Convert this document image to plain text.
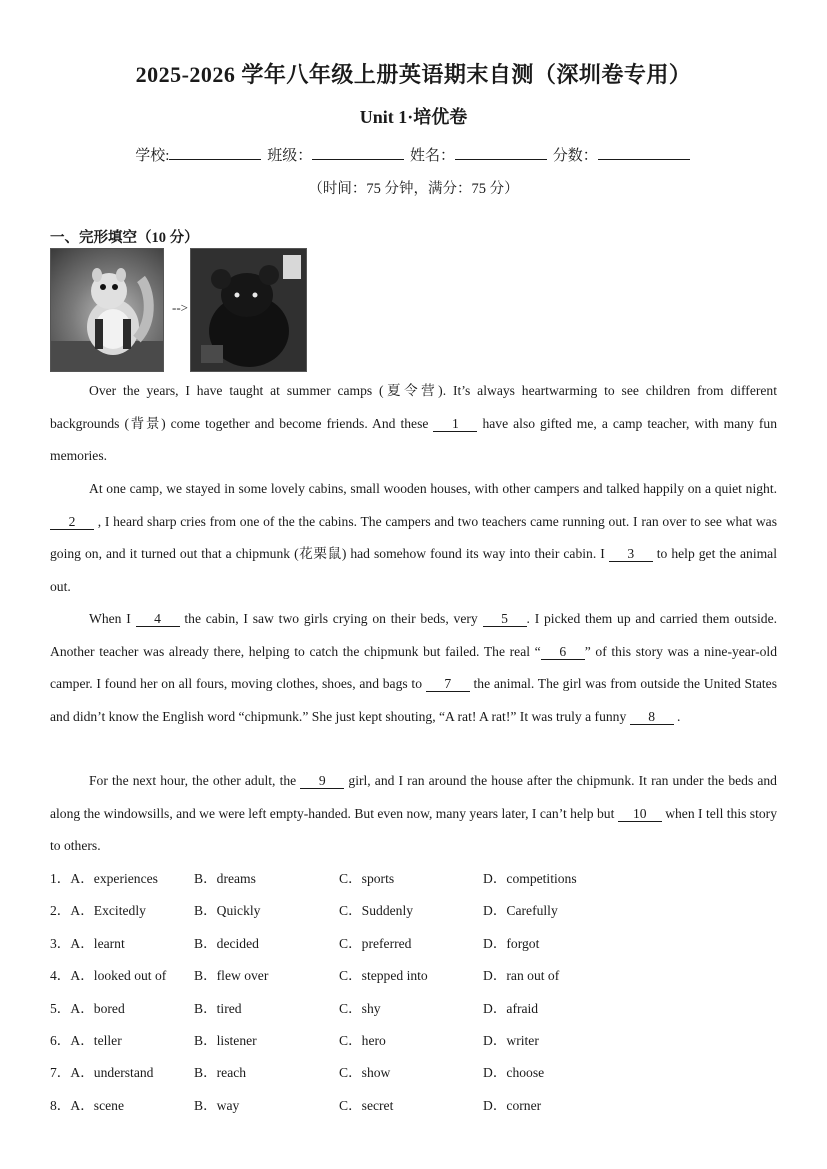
2025-2026 学年八年级上册英语期末自测（深圳卷专用）
Unit 1·培优卷
学校:	班级：	姓名：	分数：
（时间：75 分钟，满分：75 分）
一、完形填空（10 分）
-->
Over the years, I have taught at summer camps (夏令营). It’s always heartwarming to see children from different backgrounds (背景) come together and become friends. And these 1 have also gifted me, a camp teacher, with many fun memories.
At one camp, we stayed in some lovely cabins, small wooden houses, with other campers and talked happily on a quiet night. 2 , I heard sharp cries from one of the the cabins. The campers and two teachers came running out. I ran over to see what was going on, and it turned out that a chipmunk (花栗鼠) had somehow found its way into their cabin. I 3 to help get the animal out.
When I 4 the cabin, I saw two girls crying on their beds, very 5 . I picked them up and carried them outside. Another teacher was already there, helping to catch the chipmunk but failed. The real “ 6 ” of this story was a nine-year-old camper. I found her on all fours, moving clothes, shoes, and bags to 7 the animal. The girl was from outside the United States and didn’t know the English word “chipmunk.” She just kept shouting, “A rat! A rat!” It was truly a funny 8 .
For the next hour, the other adult, the 9 girl, and I ran around the house after the chipmunk. It ran under the beds and along the windowsills, and we were left empty-handed. But even now, many years later, I can’t help but 10 when I tell this story to others.
1．A．experiences	B．dreams	C．sports	D．competitions
2．A．Excitedly	B．Quickly	C．Suddenly	D．Carefully
3．A．learnt	B．decided	C．preferred	D．forgot
4．A．looked out of B．flew over	C．stepped into	D．ran out of
5．A．bored	B．tired	C．shy	D．afraid
6．A．teller	B．listener	C．hero	D．writer
7．A．understand	B．reach	C．show	D．choose
8．A．scene	B．way	C．secret	D．corner
